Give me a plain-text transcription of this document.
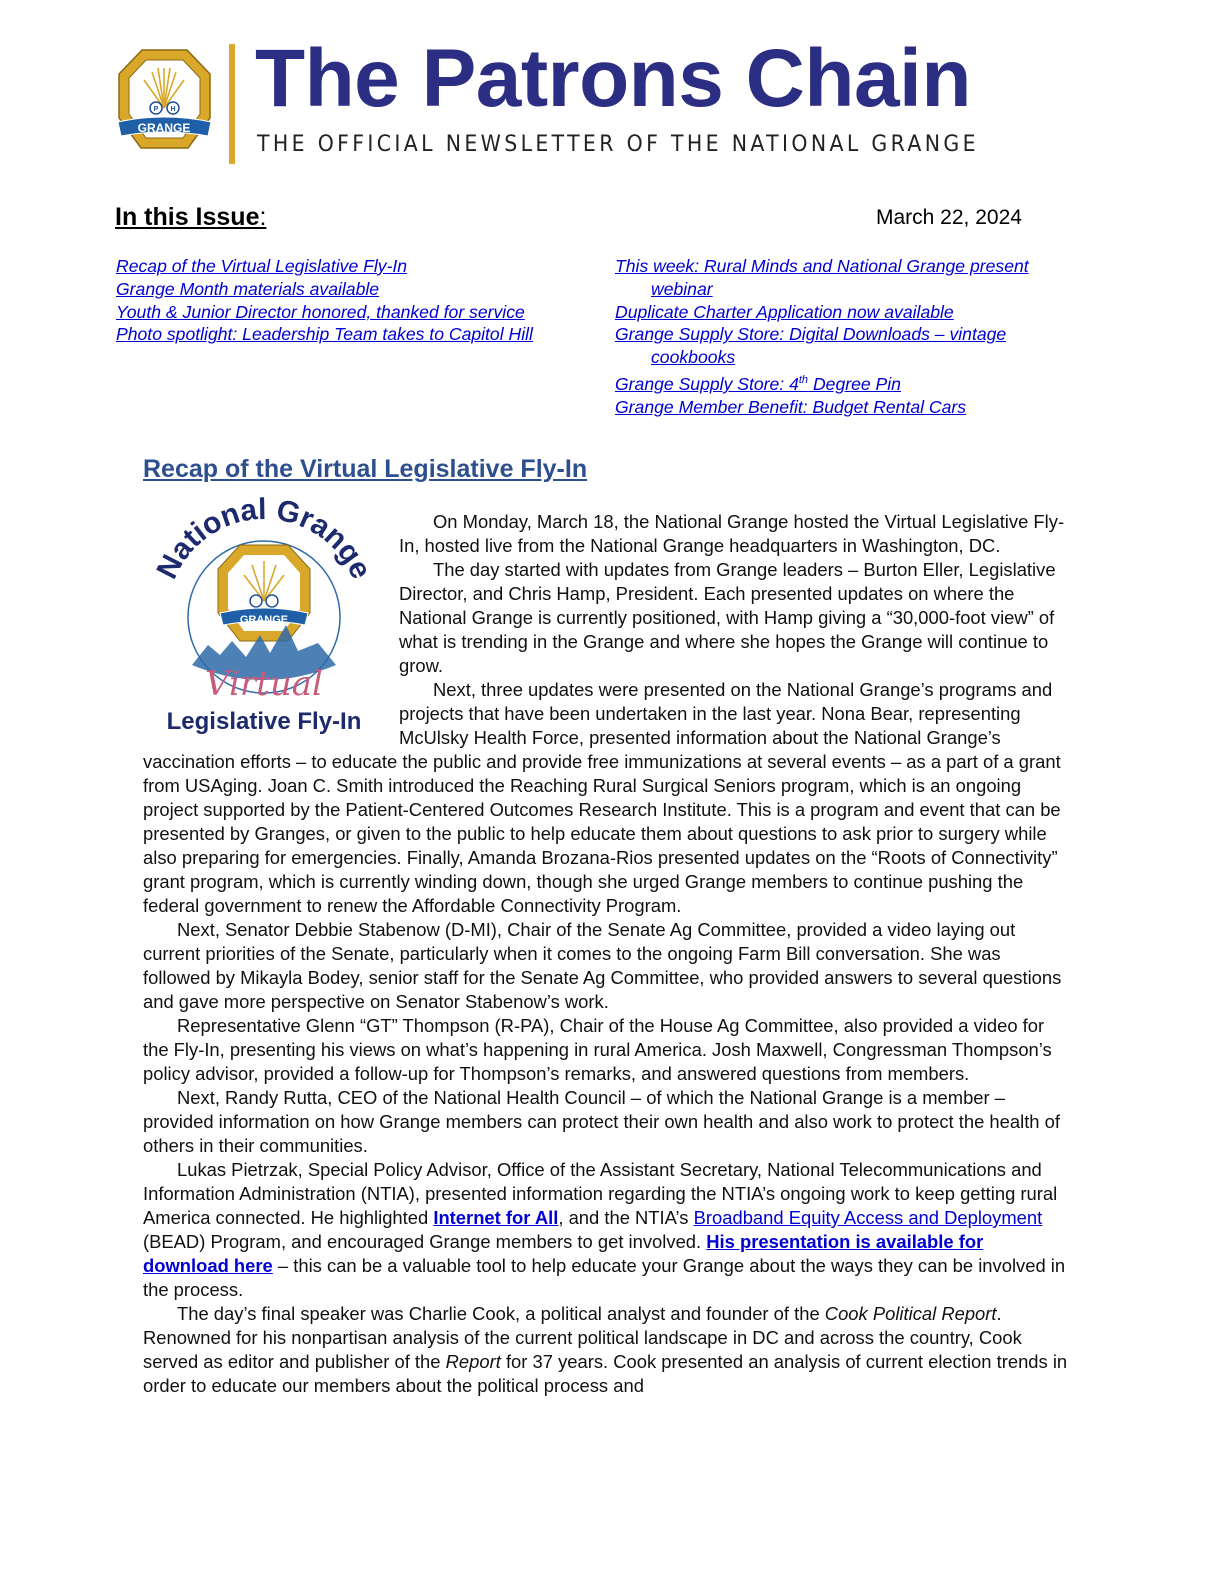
P H
GRANGE
The Patrons Chain
THE OFFICIAL NEWSLETTER OF THE NATIONAL GRANGE
In this Issue:	March 22, 2024
Recap of the Virtual Legislative Fly-In
Grange Month materials available
Youth & Junior Director honored, thanked for service
Photo spotlight: Leadership Team takes to Capitol Hill
This week: Rural Minds and National Grange present webinar
Duplicate Charter Application now available
Grange Supply Store: Digital Downloads – vintage cookbooks
Grange Supply Store: 4th Degree Pin
Grange Member Benefit: Budget Rental Cars
Recap of the Virtual Legislative Fly-In
National Grange
GRANGE
Virtual
Legislative Fly-In

On Monday, March 18, the National Grange hosted the Virtual Legislative Fly-In, hosted live from the National Grange headquarters in Washington, DC.

The day started with updates from Grange leaders – Burton Eller, Legislative Director, and Chris Hamp, President. Each presented updates on where the National Grange is currently positioned, with Hamp giving a “30,000-foot view” of what is trending in the Grange and where she hopes the Grange will continue to grow.

Next, three updates were presented on the National Grange’s programs and projects that have been undertaken in the last year. Nona Bear, representing McUlsky Health Force, presented information about the National Grange’s vaccination efforts – to educate the public and provide free immunizations at several events – as a part of a grant from USAging. Joan C. Smith introduced the Reaching Rural Surgical Seniors program, which is an ongoing project supported by the Patient-Centered Outcomes Research Institute. This is a program and event that can be presented by Granges, or given to the public to help educate them about questions to ask prior to surgery while also preparing for emergencies. Finally, Amanda Brozana-Rios presented updates on the “Roots of Connectivity” grant program, which is currently winding down, though she urged Grange members to continue pushing the federal government to renew the Affordable Connectivity Program.

Next, Senator Debbie Stabenow (D-MI), Chair of the Senate Ag Committee, provided a video laying out current priorities of the Senate, particularly when it comes to the ongoing Farm Bill conversation. She was followed by Mikayla Bodey, senior staff for the Senate Ag Committee, who provided answers to several questions and gave more perspective on Senator Stabenow’s work.

Representative Glenn “GT” Thompson (R-PA), Chair of the House Ag Committee, also provided a video for the Fly-In, presenting his views on what’s happening in rural America. Josh Maxwell, Congressman Thompson’s policy advisor, provided a follow-up for Thompson’s remarks, and answered questions from members.

Next, Randy Rutta, CEO of the National Health Council – of which the National Grange is a member – provided information on how Grange members can protect their own health and also work to protect the health of others in their communities.

Lukas Pietrzak, Special Policy Advisor, Office of the Assistant Secretary, National Telecommunications and Information Administration (NTIA), presented information regarding the NTIA’s ongoing work to keep getting rural America connected. He highlighted Internet for All, and the NTIA’s Broadband Equity Access and Deployment (BEAD) Program, and encouraged Grange members to get involved. His presentation is available for download here – this can be a valuable tool to help educate your Grange about the ways they can be involved in the process.

The day’s final speaker was Charlie Cook, a political analyst and founder of the Cook Political Report. Renowned for his nonpartisan analysis of the current political landscape in DC and across the country, Cook served as editor and publisher of the Report for 37 years. Cook presented an analysis of current election trends in order to educate our members about the political process and
